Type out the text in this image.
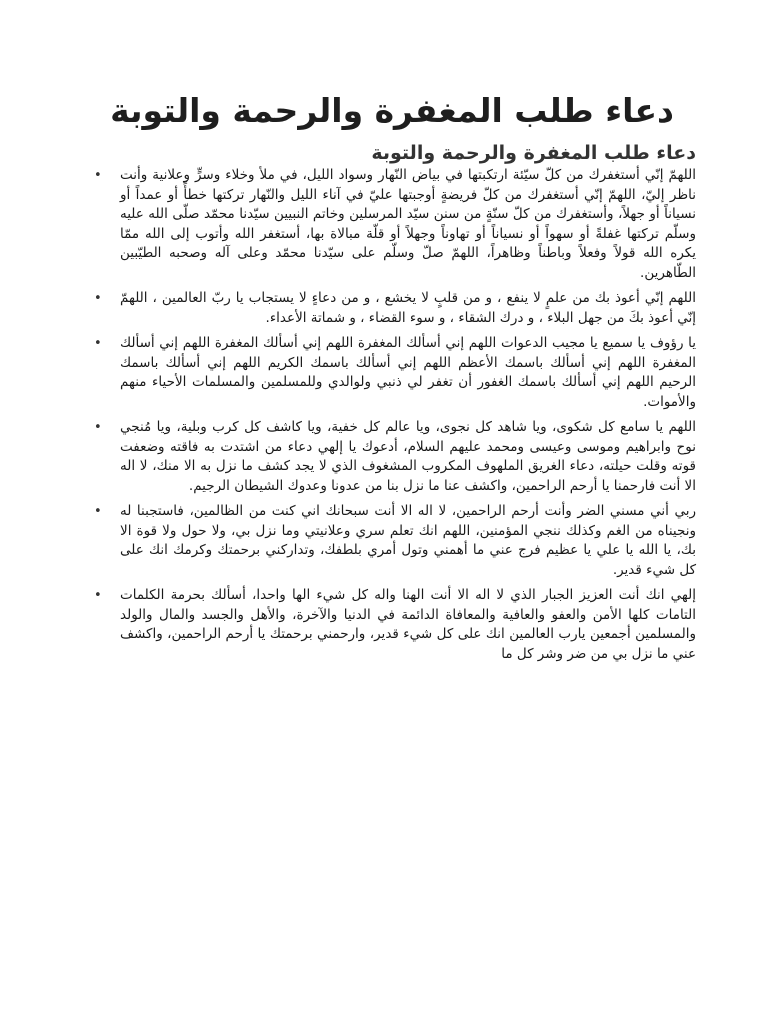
دعاء طلب المغفرة والرحمة والتوبة
دعاء طلب المغفرة والرحمة والتوبة
• اللهمّ إنّي أستغفرك من كلّ سيّئة ارتكبتها في بياض النّهار وسواد الليل، في ملأ وخلاء وسرٍّ وعلانية وأنت ناظر إليّ، اللهمّ إنّي أستغفرك من كلّ فريضةٍ أوجبتها عليّ في آناء الليل والنّهار تركتها خطأً أو عمداً أو نسياناً أو جهلاً، وأستغفرك من كلّ سنّةٍ من سنن سيّد المرسلين وخاتم النبيين سيّدنا محمّد صلّى الله عليه وسلّم تركتها غفلةً أو سهواً أو نسياناً أو تهاوناً وجهلاً أو قلّة مبالاة بها، أستغفر الله وأتوب إلى الله ممّا يكره الله قولاً وفعلاً وباطناً وظاهراً، اللهمّ صلّ وسلّم على سيّدنا محمّد وعلى آله وصحبه الطيّبين الطّاهرين.
• اللهم إنّي أعوذ بك من علمٍ لا ينفع ، و من قلبٍ لا يخشع ، و من دعاءٍ لا يستجاب يا ربّ العالمين ، اللهمّ إنّي أعوذ بكَ من جهل البلاء ، و درك الشقاء ، و سوء القضاء ، و شماتة الأعداء.
• يا رؤوف يا سميع يا مجيب الدعوات اللهم إني أسألك المغفرة اللهم إني أسألك المغفرة اللهم إني أسألك المغفرة اللهم إني أسألك باسمك الأعظم اللهم إني أسألك باسمك الكريم اللهم إني أسألك باسمك الرحيم اللهم إني أسألك باسمك الغفور أن تغفر لي ذنبي ولوالدي وللمسلمين والمسلمات الأحياء منهم والأموات.
• اللهم يا سامع كل شكوى، ويا شاهد كل نجوى، ويا عالم كل خفية، ويا كاشف كل كرب وبلية، ويا مُنجي نوح وابراهيم وموسى وعيسى ومحمد عليهم السلام، أدعوك يا إلهي دعاء من اشتدت به فاقته وضعفت قوته وقلت حيلته، دعاء الغريق الملهوف المكروب المشغوف الذي لا يجد كشف ما نزل به الا منك، لا اله الا أنت فارحمنا يا أرحم الراحمين، واكشف عنا ما نزل بنا من عدونا وعدوك الشيطان الرجيم.
• ربي أني مسني الضر وأنت أرحم الراحمين، لا اله الا أنت سبحانك اني كنت من الظالمين، فاستجبنا له ونجيناه من الغم وكذلك ننجي المؤمنين، اللهم انك تعلم سري وعلانيتي وما نزل بي، ولا حول ولا قوة الا بك، يا الله يا علي يا عظيم فرج عني ما أهمني وتول أمري بلطفك، وتداركني برحمتك وكرمك انك على كل شيء قدير.
• إلهي انك أنت العزيز الجبار الذي لا اله الا أنت الهنا واله كل شيء الها واحدا، أسألك بحرمة الكلمات التامات كلها الأمن والعفو والعافية والمعافاة الدائمة في الدنيا والآخرة، والأهل والجسد والمال والولد والمسلمين أجمعين يارب العالمين انك على كل شيء قدير، وارحمني برحمتك يا أرحم الراحمين، واكشف عني ما نزل بي من ضر وشر كل ما
